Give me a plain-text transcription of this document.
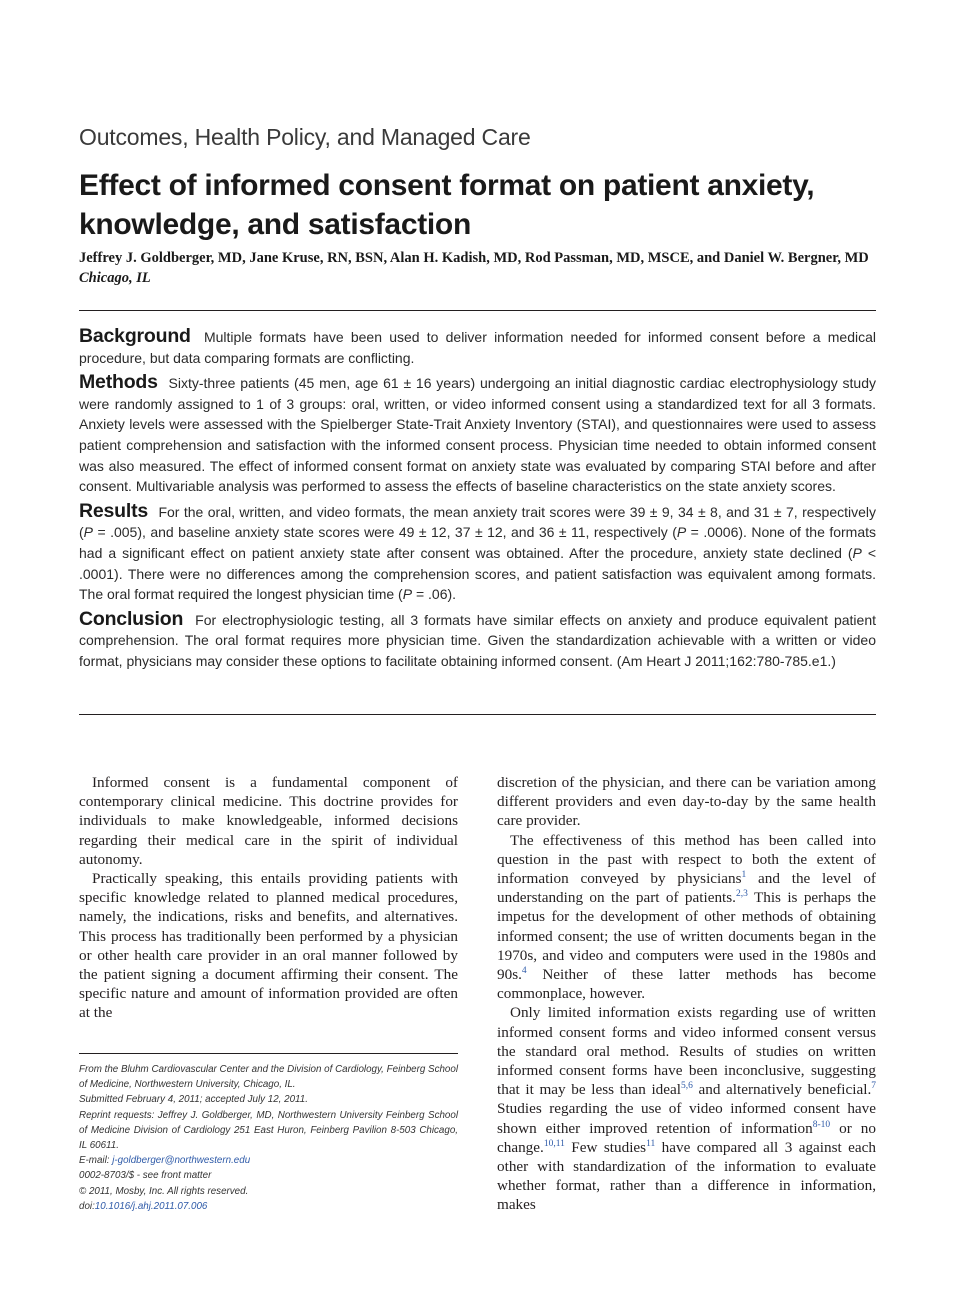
Outcomes, Health Policy, and Managed Care
Effect of informed consent format on patient anxiety, knowledge, and satisfaction
Jeffrey J. Goldberger, MD, Jane Kruse, RN, BSN, Alan H. Kadish, MD, Rod Passman, MD, MSCE, and Daniel W. Bergner, MD Chicago, IL

Background Multiple formats have been used to deliver information needed for informed consent before a medical procedure, but data comparing formats are conflicting.

Methods Sixty-three patients (45 men, age 61 ± 16 years) undergoing an initial diagnostic cardiac electrophysiology study were randomly assigned to 1 of 3 groups: oral, written, or video informed consent using a standardized text for all 3 formats. Anxiety levels were assessed with the Spielberger State-Trait Anxiety Inventory (STAI), and questionnaires were used to assess patient comprehension and satisfaction with the informed consent process. Physician time needed to obtain informed consent was also measured. The effect of informed consent format on anxiety state was evaluated by comparing STAI before and after consent. Multivariable analysis was performed to assess the effects of baseline characteristics on the state anxiety scores.

Results For the oral, written, and video formats, the mean anxiety trait scores were 39 ± 9, 34 ± 8, and 31 ± 7, respectively (P = .005), and baseline anxiety state scores were 49 ± 12, 37 ± 12, and 36 ± 11, respectively (P = .0006). None of the formats had a significant effect on patient anxiety state after consent was obtained. After the procedure, anxiety state declined (P < .0001). There were no differences among the comprehension scores, and patient satisfaction was equivalent among formats. The oral format required the longest physician time (P = .06).

Conclusion For electrophysiologic testing, all 3 formats have similar effects on anxiety and produce equivalent patient comprehension. The oral format requires more physician time. Given the standardization achievable with a written or video format, physicians may consider these options to facilitate obtaining informed consent. (Am Heart J 2011;162:780-785.e1.)

Informed consent is a fundamental component of contemporary clinical medicine. This doctrine provides for individuals to make knowledgeable, informed decisions regarding their medical care in the spirit of individual autonomy.

Practically speaking, this entails providing patients with specific knowledge related to planned medical procedures, namely, the indications, risks and benefits, and alternatives. This process has traditionally been performed by a physician or other health care provider in an oral manner followed by the patient signing a document affirming their consent. The specific nature and amount of information provided are often at the

From the Bluhm Cardiovascular Center and the Division of Cardiology, Feinberg School of Medicine, Northwestern University, Chicago, IL.

Submitted February 4, 2011; accepted July 12, 2011.

Reprint requests: Jeffrey J. Goldberger, MD, Northwestern University Feinberg School of Medicine Division of Cardiology 251 East Huron, Feinberg Pavilion 8-503 Chicago, IL 60611.

E-mail: j-goldberger@northwestern.edu

0002-8703/$ - see front matter

© 2011, Mosby, Inc. All rights reserved.

doi:10.1016/j.ahj.2011.07.006

discretion of the physician, and there can be variation among different providers and even day-to-day by the same health care provider.

The effectiveness of this method has been called into question in the past with respect to both the extent of information conveyed by physicians$^1$ and the level of understanding on the part of patients.$^{2,3}$ This is perhaps the impetus for the development of other methods of obtaining informed consent; the use of written documents began in the 1970s, and video and computers were used in the 1980s and 90s.$^4$ Neither of these latter methods has become commonplace, however.

Only limited information exists regarding use of written informed consent forms and video informed consent versus the standard oral method. Results of studies on written informed consent forms have been inconclusive, suggesting that it may be less than ideal$^{5,6}$ and alternatively beneficial.$^7$ Studies regarding the use of video informed consent have shown either improved retention of information$^{8-10}$ or no change.$^{10,11}$ Few studies$^{11}$ have compared all 3 against each other with standardization of the information to evaluate whether format, rather than a difference in information, makes
